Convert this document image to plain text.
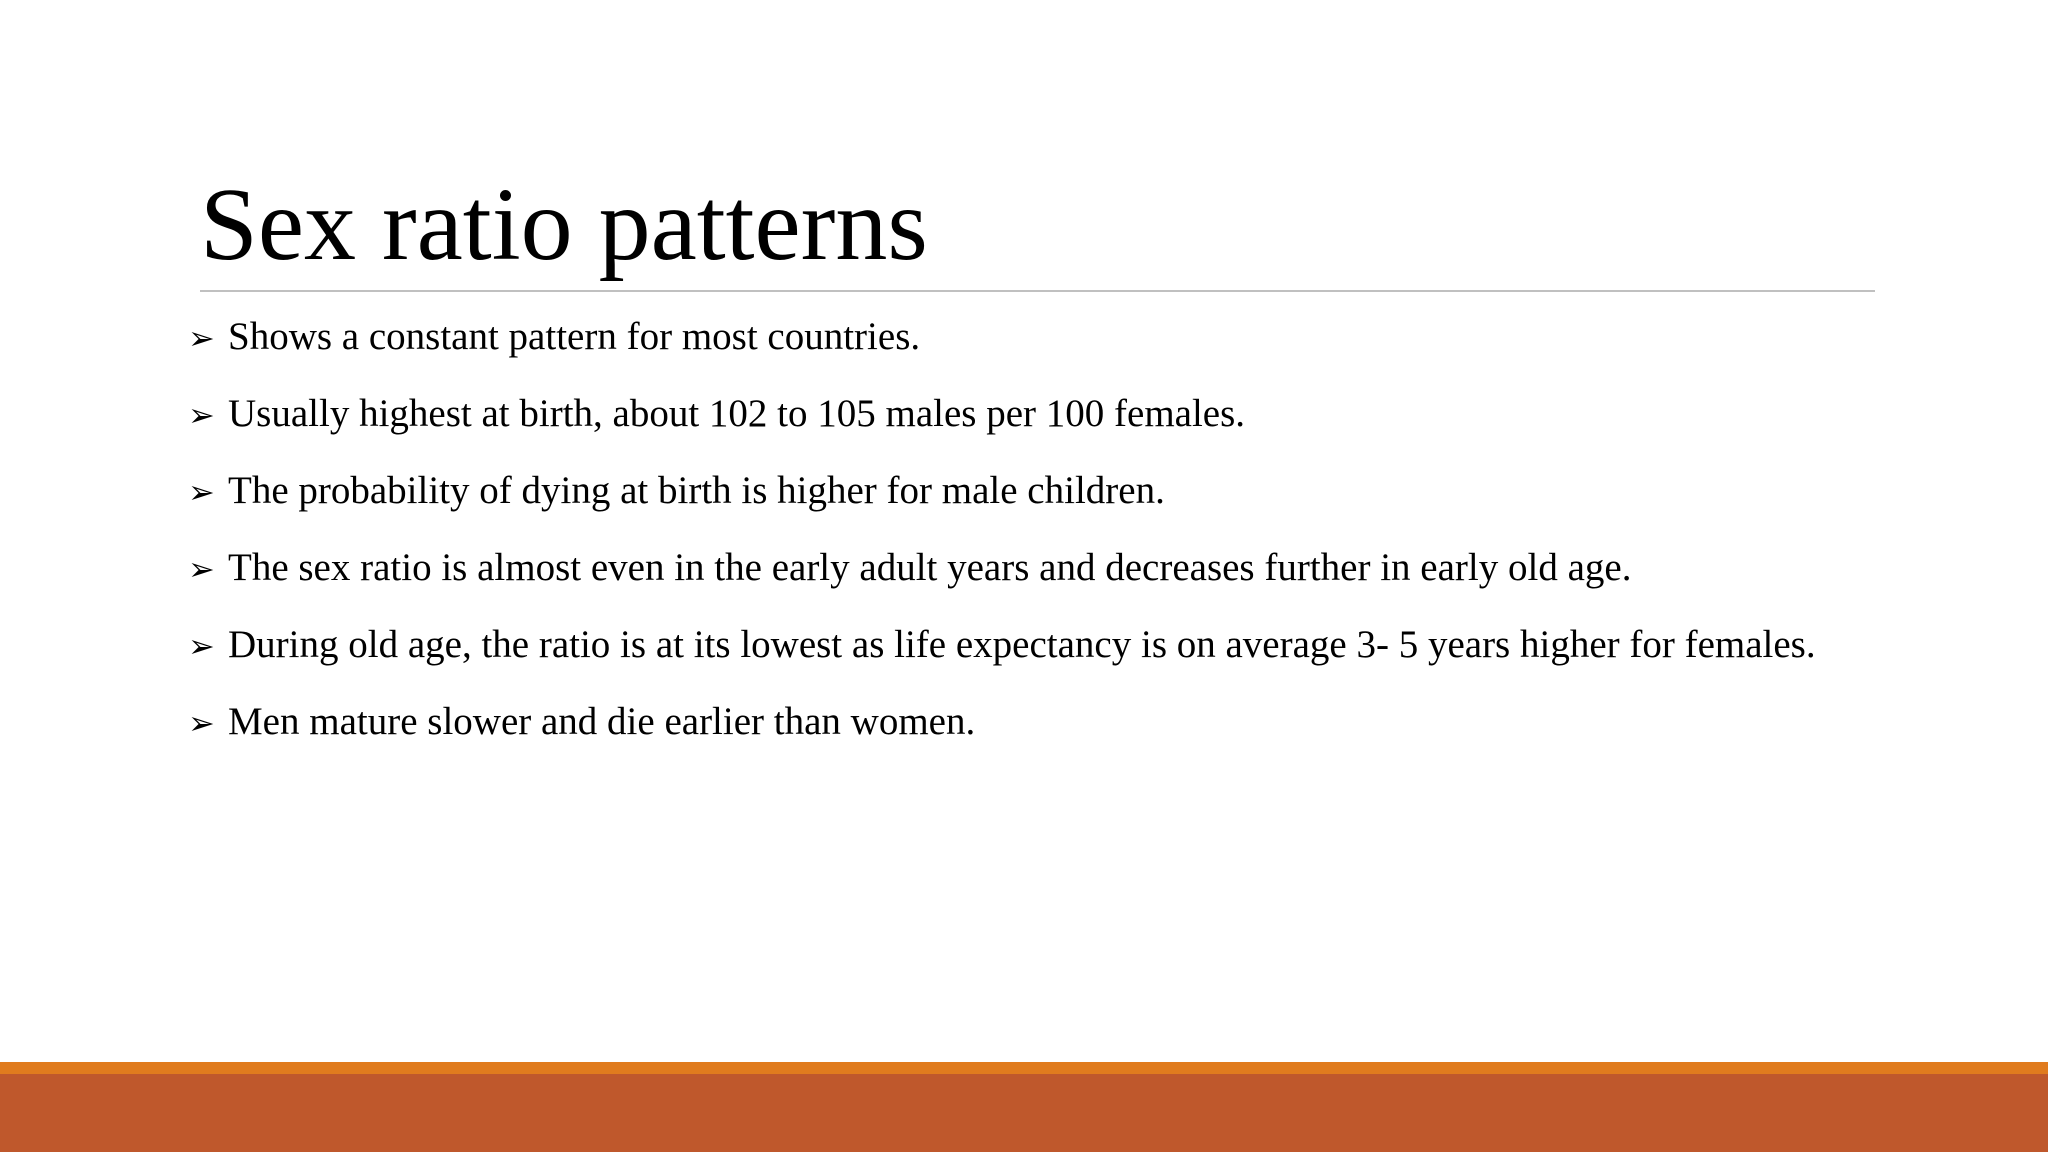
Sex ratio patterns
➢ Shows a constant pattern for most countries.
➢ Usually highest at birth, about 102 to 105 males per 100 females.
➢ The probability of dying at birth is higher for male children.
➢ The sex ratio is almost even in the early adult years and decreases further in early old age.
➢ During old age, the ratio is at its lowest as life expectancy is on average 3- 5 years higher for females.
➢ Men mature slower and die earlier than women.
